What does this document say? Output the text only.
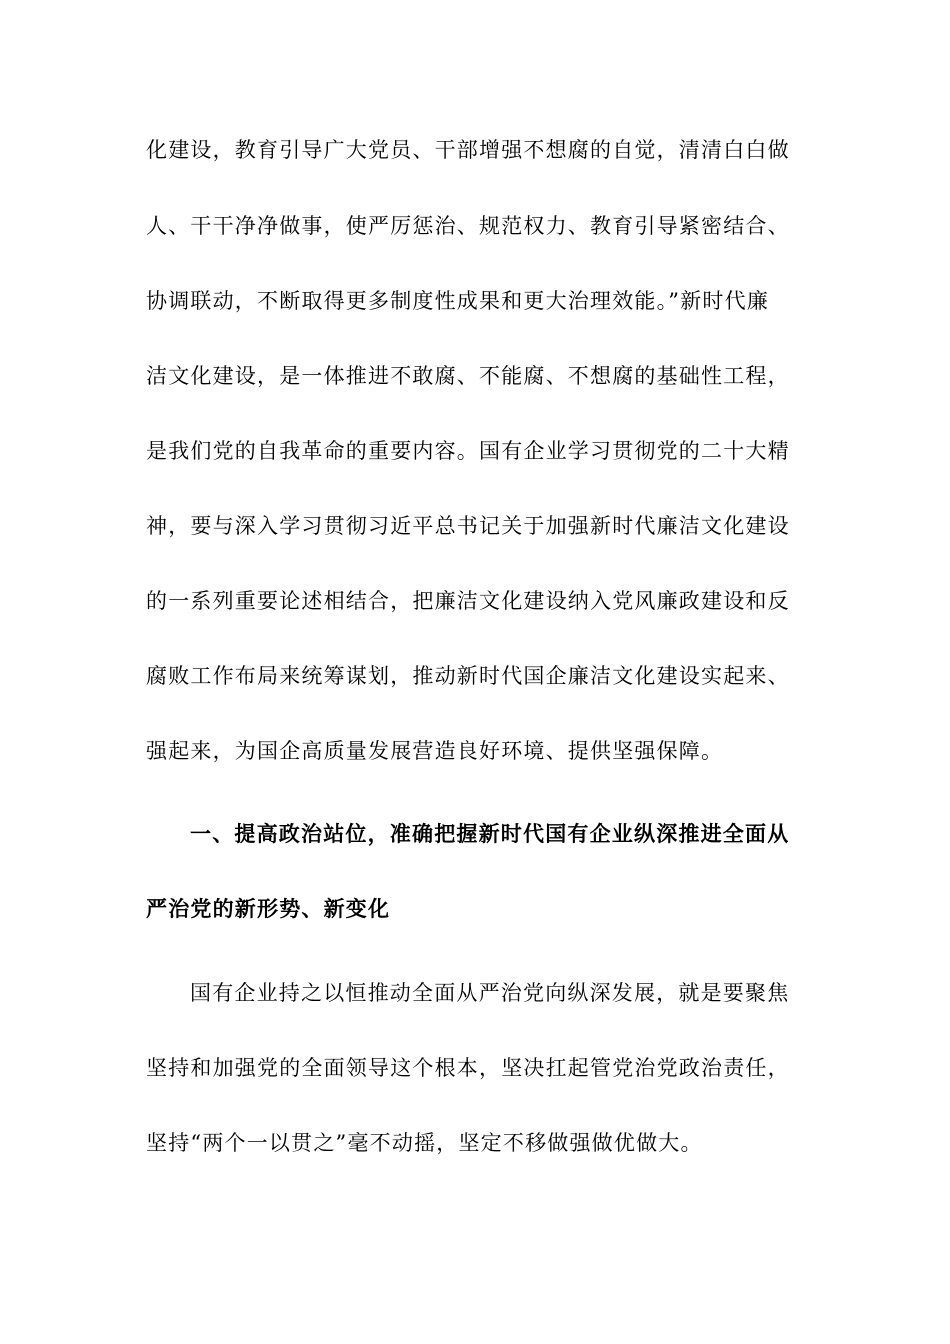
化建设，教育引导广大党员、干部增强不想腐的自觉，清清白白做
人、干干净净做事，使严厉惩治、规范权力、教育引导紧密结合、
协调联动，不断取得更多制度性成果和更大治理效能。”新时代廉
洁文化建设，是一体推进不敢腐、不能腐、不想腐的基础性工程，
是我们党的自我革命的重要内容。国有企业学习贯彻党的二十大精
神，要与深入学习贯彻习近平总书记关于加强新时代廉洁文化建设
的一系列重要论述相结合，把廉洁文化建设纳入党风廉政建设和反
腐败工作布局来统筹谋划，推动新时代国企廉洁文化建设实起来、
强起来，为国企高质量发展营造良好环境、提供坚强保障。
一、提高政治站位，准确把握新时代国有企业纵深推进全面从
严治党的新形势、新变化
国有企业持之以恒推动全面从严治党向纵深发展，就是要聚焦
坚持和加强党的全面领导这个根本，坚决扛起管党治党政治责任，
坚持“两个一以贯之”毫不动摇，坚定不移做强做优做大。
